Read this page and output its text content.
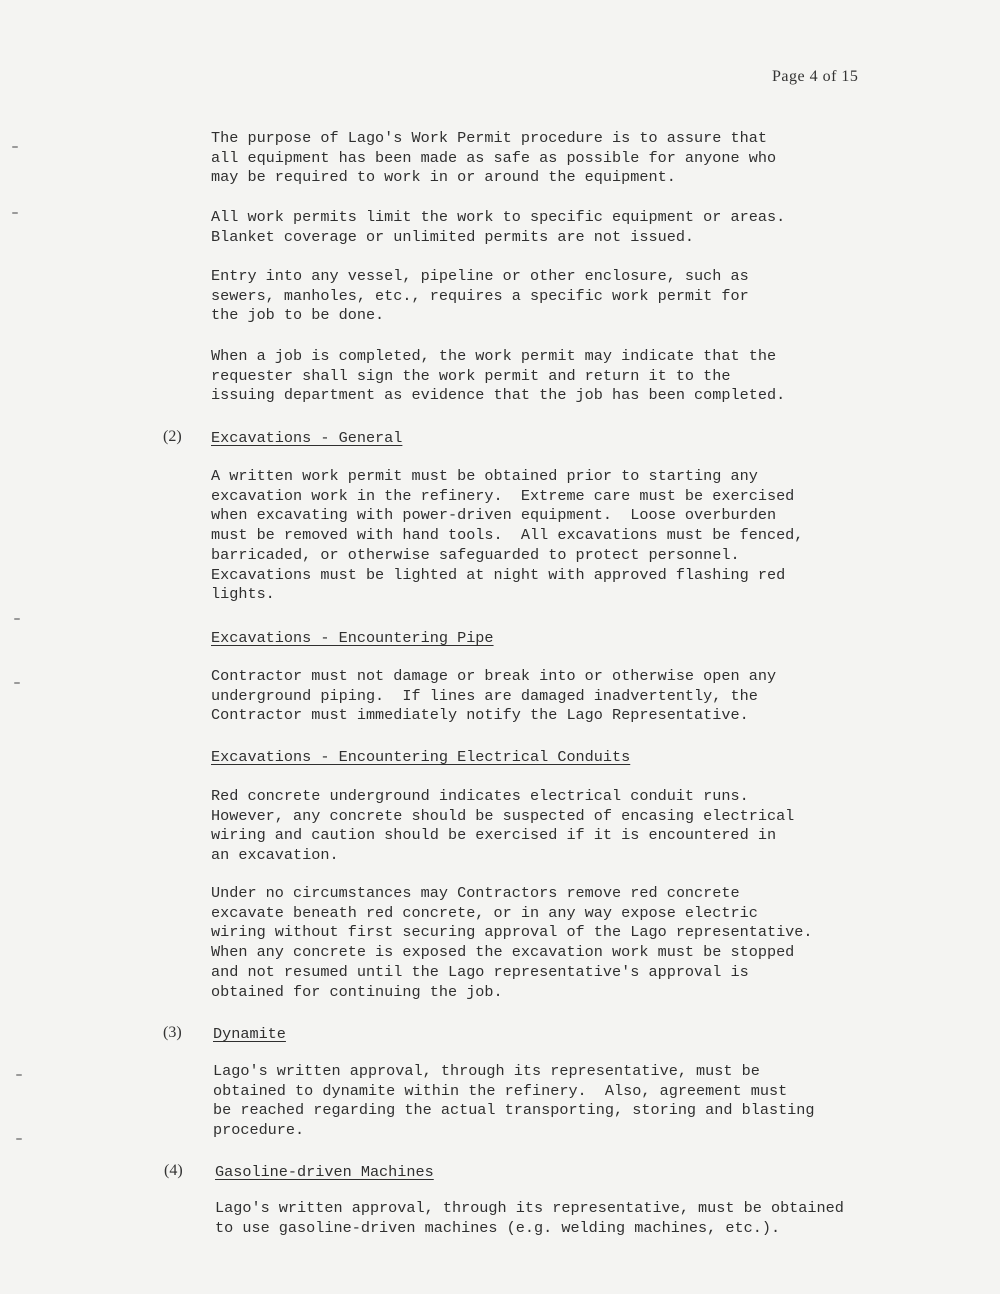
Page 4 of 15

The purpose of Lago's Work Permit procedure is to assure that
all equipment has been made as safe as possible for anyone who
may be required to work in or around the equipment.

All work permits limit the work to specific equipment or areas.
Blanket coverage or unlimited permits are not issued.

Entry into any vessel, pipeline or other enclosure, such as
sewers, manholes, etc., requires a specific work permit for
the job to be done.

When a job is completed, the work permit may indicate that the
requester shall sign the work permit and return it to the
issuing department as evidence that the job has been completed.

(2) Excavations - General

A written work permit must be obtained prior to starting any
excavation work in the refinery.  Extreme care must be exercised
when excavating with power-driven equipment.  Loose overburden
must be removed with hand tools.  All excavations must be fenced,
barricaded, or otherwise safeguarded to protect personnel.
Excavations must be lighted at night with approved flashing red
lights.

Excavations - Encountering Pipe

Contractor must not damage or break into or otherwise open any
underground piping.  If lines are damaged inadvertently, the
Contractor must immediately notify the Lago Representative.

Excavations - Encountering Electrical Conduits

Red concrete underground indicates electrical conduit runs.
However, any concrete should be suspected of encasing electrical
wiring and caution should be exercised if it is encountered in
an excavation.

Under no circumstances may Contractors remove red concrete
excavate beneath red concrete, or in any way expose electric
wiring without first securing approval of the Lago representative.
When any concrete is exposed the excavation work must be stopped
and not resumed until the Lago representative's approval is
obtained for continuing the job.

(3) Dynamite

Lago's written approval, through its representative, must be
obtained to dynamite within the refinery.  Also, agreement must
be reached regarding the actual transporting, storing and blasting
procedure.

(4) Gasoline-driven Machines

Lago's written approval, through its representative, must be obtained
to use gasoline-driven machines (e.g. welding machines, etc.).
